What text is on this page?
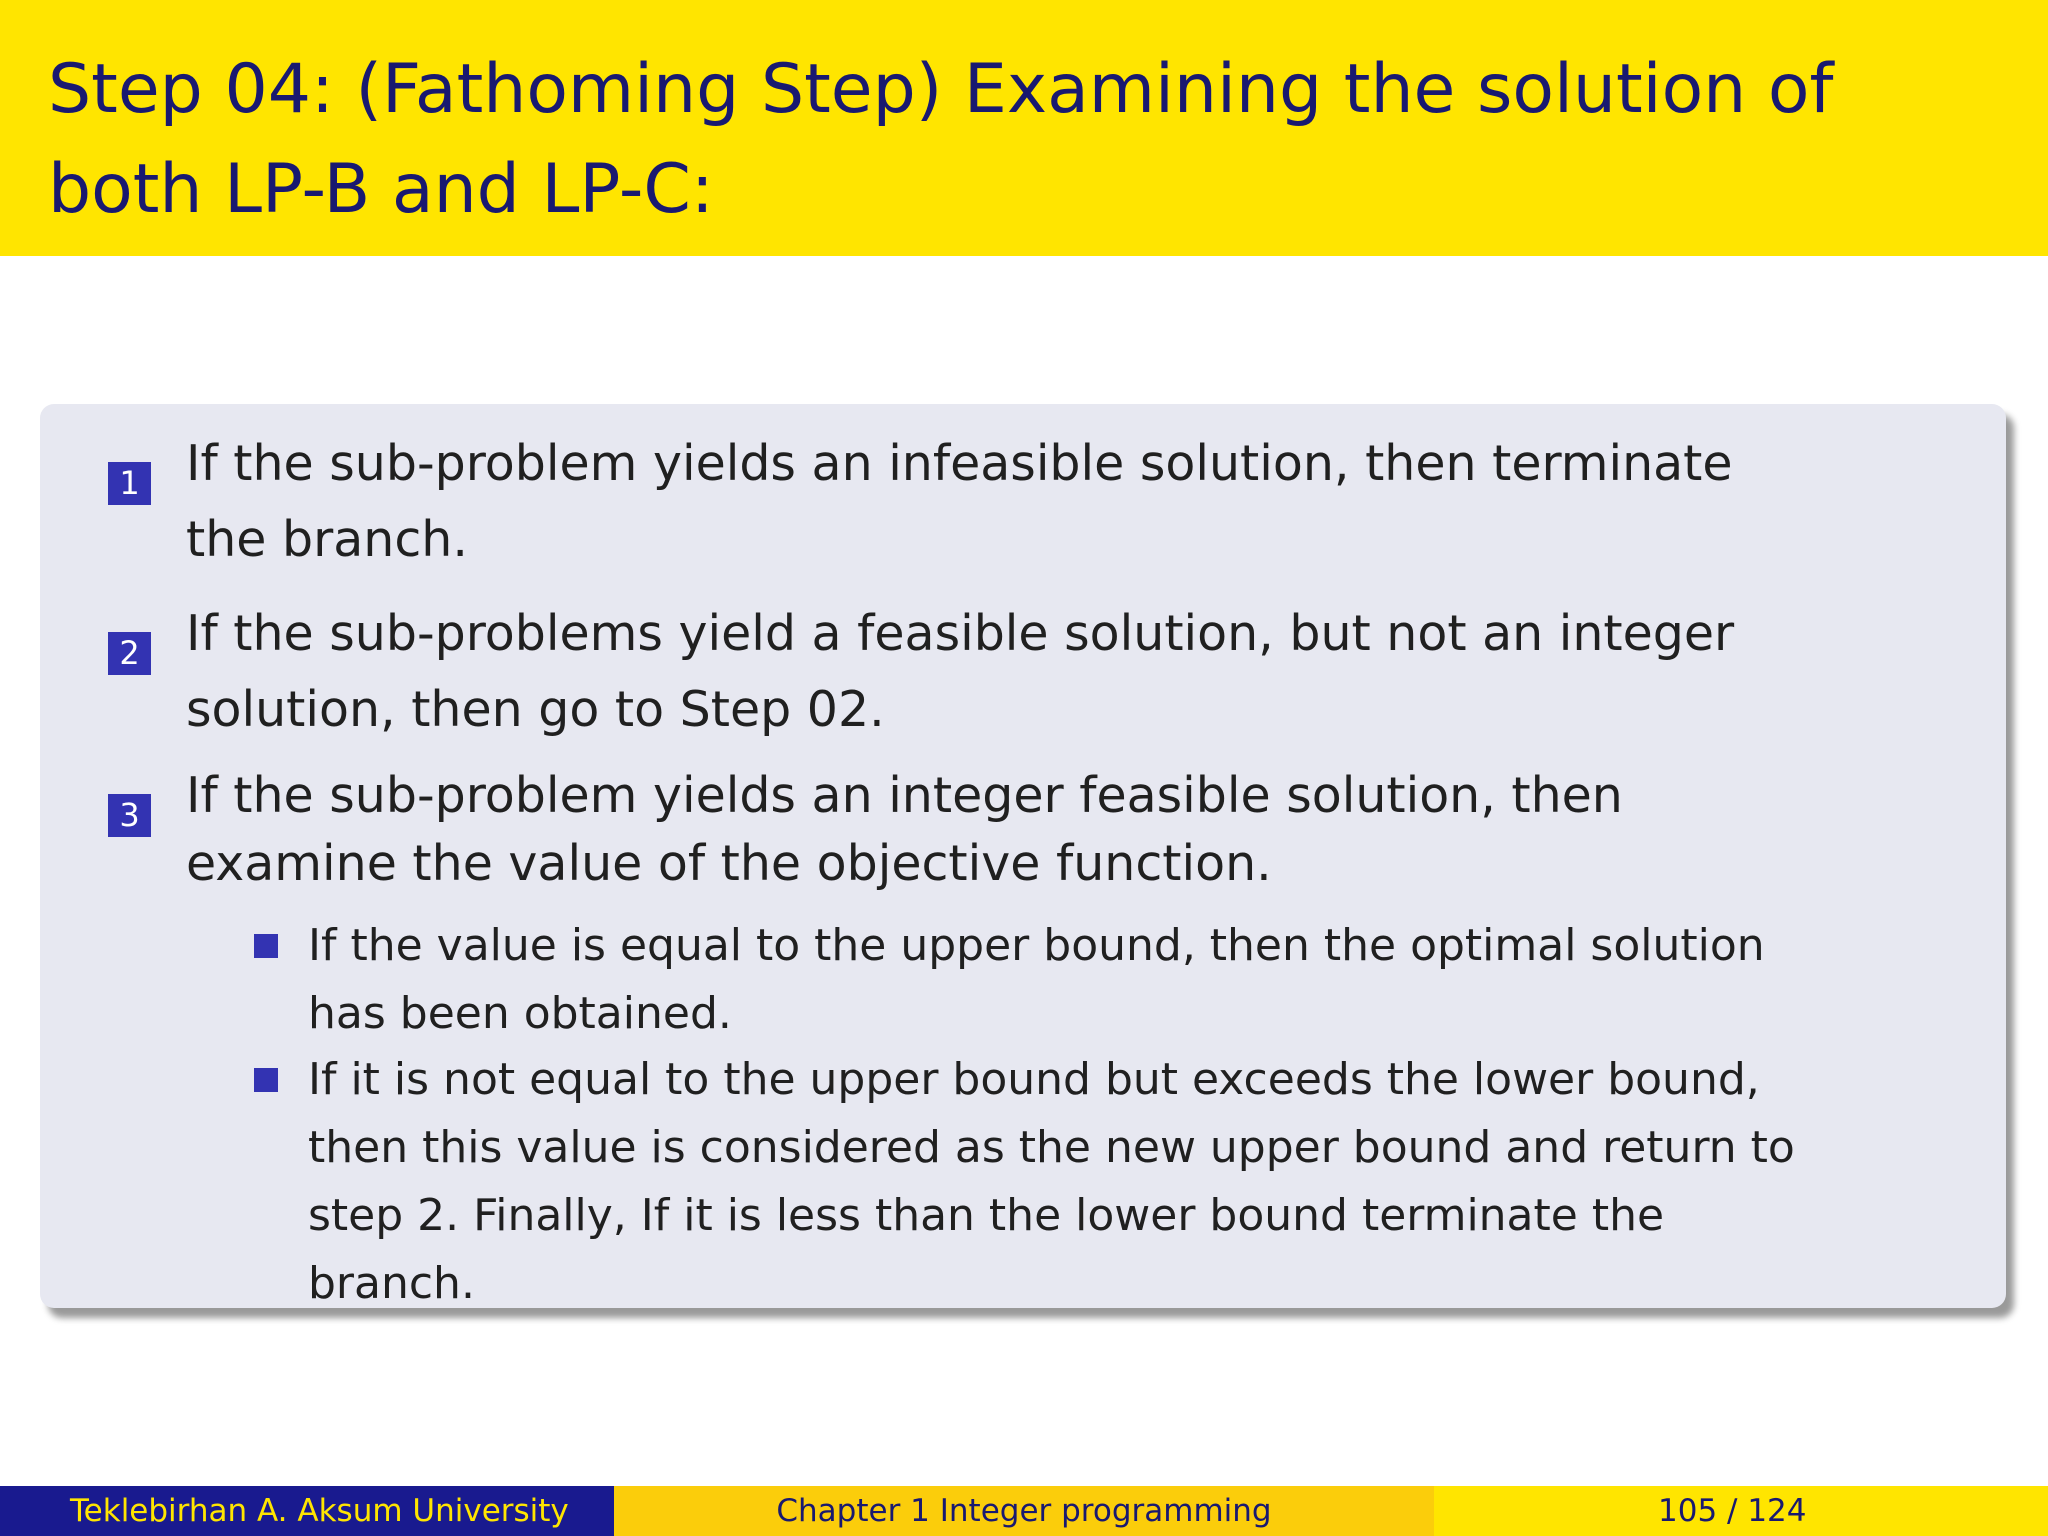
Step 04: (Fathoming Step) Examining the solution of
both LP-B and LP-C:
1 If the sub-problem yields an infeasible solution, then terminate
the branch.

2 If the sub-problems yield a feasible solution, but not an integer
solution, then go to Step 02.

3 If the sub-problem yields an integer feasible solution, then
examine the value of the objective function.

If the value is equal to the upper bound, then the optimal solution
has been obtained.

If it is not equal to the upper bound but exceeds the lower bound,
then this value is considered as the new upper bound and return to
step 2. Finally, If it is less than the lower bound terminate the
branch.

Teklebirhan A. Aksum University	Chapter 1 Integer programming	105 / 124
